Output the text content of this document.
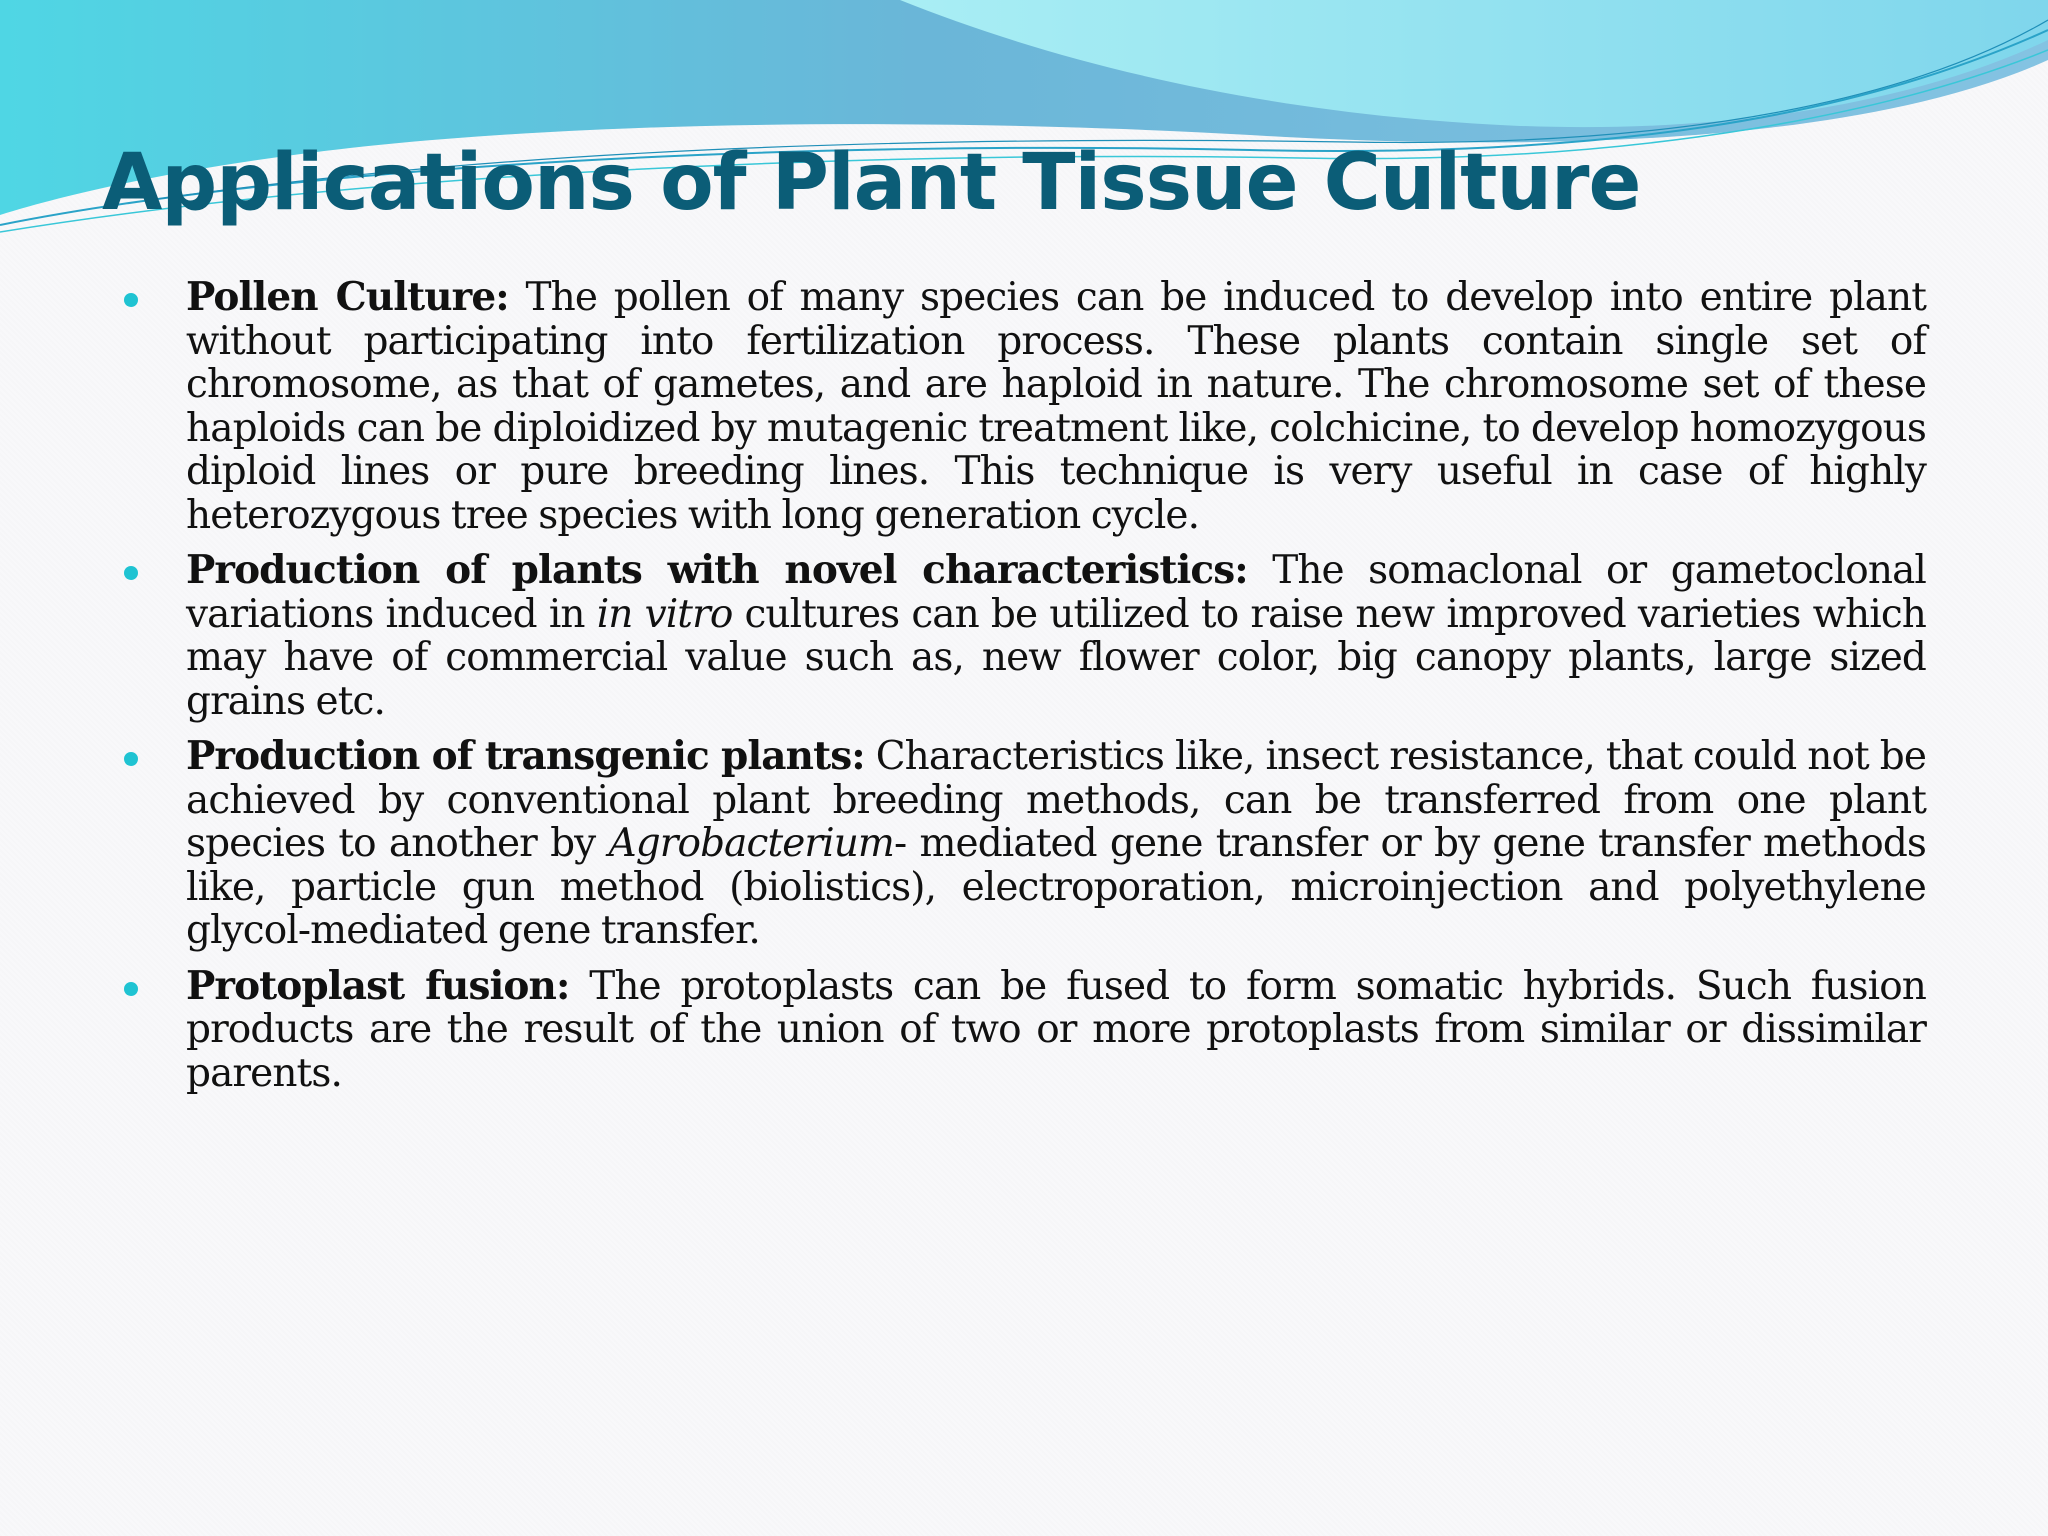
Applications of Plant Tissue Culture
Pollen Culture: The pollen of many species can be induced to develop into entire plant without participating into fertilization process. These plants contain single set of chromosome, as that of gametes, and are haploid in nature. The chromosome set of these haploids can be diploidized by mutagenic treatment like, colchicine, to develop homozygous diploid lines or pure breeding lines. This technique is very useful in case of highly heterozygous tree species with long generation cycle.
Production of plants with novel characteristics: The somaclonal or gametoclonal variations induced in in vitro cultures can be utilized to raise new improved varieties which may have of commercial value such as, new flower color, big canopy plants, large sized grains etc.
Production of transgenic plants: Characteristics like, insect resistance, that could not be achieved by conventional plant breeding methods, can be transferred from one plant species to another by Agrobacterium- mediated gene transfer or by gene transfer methods like, particle gun method (biolistics), electroporation, microinjection and polyethylene glycol-mediated gene transfer.
Protoplast fusion: The protoplasts can be fused to form somatic hybrids. Such fusion products are the result of the union of two or more protoplasts from similar or dissimilar parents.
